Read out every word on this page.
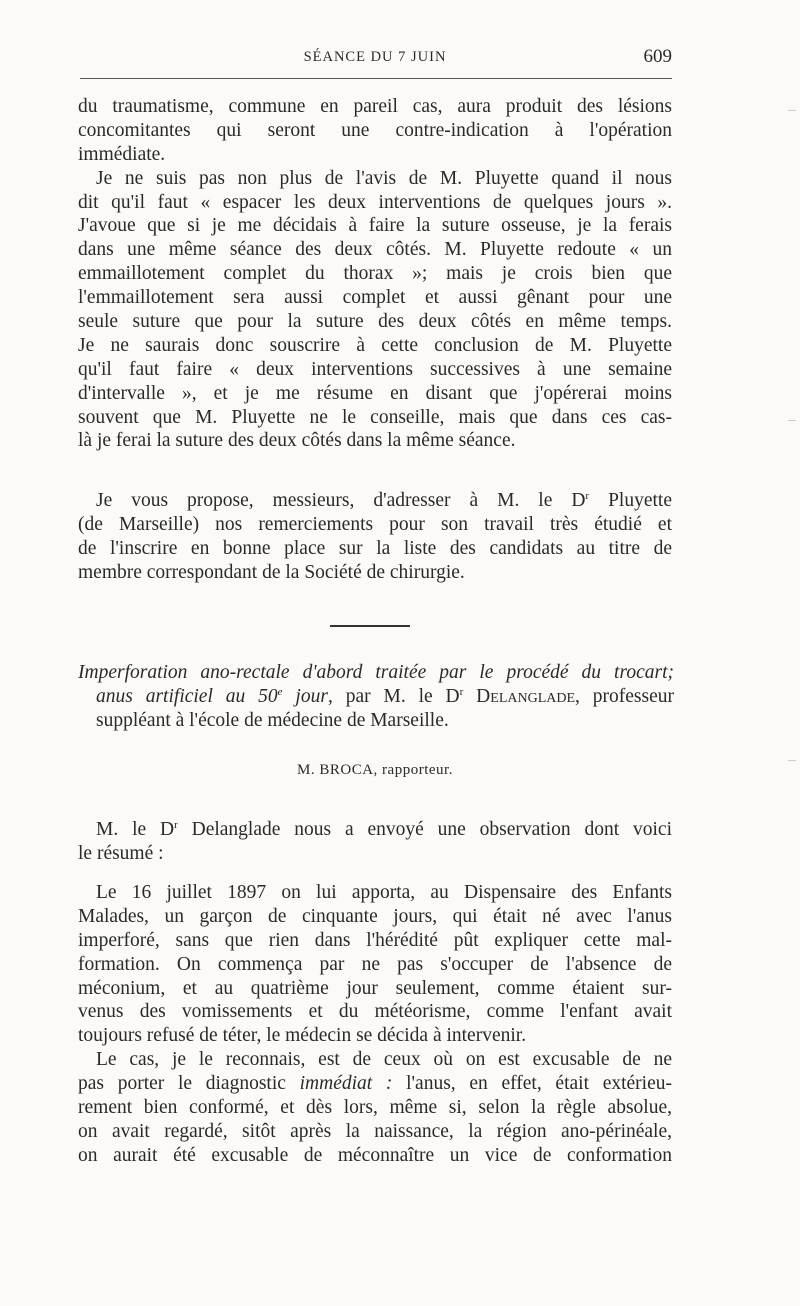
SÉANCE DU 7 JUIN	609
du traumatisme, commune en pareil cas, aura produit des lésions
concomitantes qui seront une contre-indication à l'opération
immédiate.
Je ne suis pas non plus de l'avis de M. Pluyette quand il nous
dit qu'il faut « espacer les deux interventions de quelques jours ».
J'avoue que si je me décidais à faire la suture osseuse, je la ferais
dans une même séance des deux côtés. M. Pluyette redoute « un
emmaillotement complet du thorax »; mais je crois bien que
l'emmaillotement sera aussi complet et aussi gênant pour une
seule suture que pour la suture des deux côtés en même temps.
Je ne saurais donc souscrire à cette conclusion de M. Pluyette
qu'il faut faire « deux interventions successives à une semaine
d'intervalle », et je me résume en disant que j'opérerai moins
souvent que M. Pluyette ne le conseille, mais que dans ces cas-
là je ferai la suture des deux côtés dans la même séance.
Je vous propose, messieurs, d'adresser à M. le $D^r$ Pluyette
(de Marseille) nos remerciements pour son travail très étudié et
de l'inscrire en bonne place sur la liste des candidats au titre de
membre correspondant de la Société de chirurgie.
Imperforation ano-rectale d'abord traitée par le procédé du trocart;
anus artificiel au 50e jour, par M. le $D^r$ Delanglade, professeur
suppléant à l'école de médecine de Marseille.
M. BROCA, rapporteur.
M. le $D^r$ Delanglade nous a envoyé une observation dont voici
le résumé :
Le 16 juillet 1897 on lui apporta, au Dispensaire des Enfants
Malades, un garçon de cinquante jours, qui était né avec l'anus
imperforé, sans que rien dans l'hérédité pût expliquer cette mal-
formation. On commença par ne pas s'occuper de l'absence de
méconium, et au quatrième jour seulement, comme étaient sur-
venus des vomissements et du météorisme, comme l'enfant avait
toujours refusé de téter, le médecin se décida à intervenir.
Le cas, je le reconnais, est de ceux où on est excusable de ne
pas porter le diagnostic immédiat : l'anus, en effet, était extérieu-
rement bien conformé, et dès lors, même si, selon la règle absolue,
on avait regardé, sitôt après la naissance, la région ano-périnéale,
on aurait été excusable de méconnaître un vice de conformation
